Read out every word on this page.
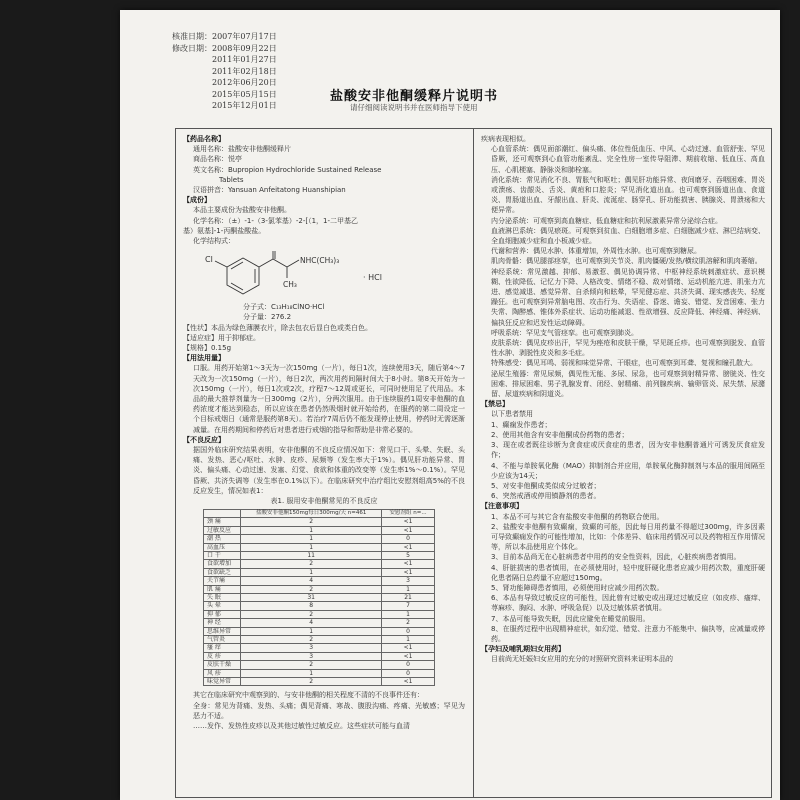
核准日期：2007年07月17日
修改日期：2008年09月22日
2011年01月27日
2011年02月18日
2012年06月20日
2015年05月15日
2015年12月01日
盐酸安非他酮缓释片说明书
请仔细阅读说明书并在医师指导下使用

【药品名称】

通用名称：盐酸安非他酮缓释片

商品名称：悦亭

英文名称：Bupropion Hydrochloride Sustained Release

Tablets

汉语拼音：Yansuan Anfeitatong Huanshipian

【成份】

本品主要成份为盐酸安非他酮。

化学名称：（±）-1-（3-氯苯基）-2-[（1，1-二甲基乙

基）氨基]-1-丙酮盐酸盐。

化学结构式：

Cl	NHC(CH₃)₃
CH₃
· HCl

分子式：C₁₃H₁₈ClNO·HCl

分子量：276.2

【性状】本品为绿色薄膜衣片，除去包衣后显白色或类白色。

【适应症】用于抑郁症。

【规格】0.15g

【用法用量】

口服。用药开始第1～3天为一次150mg（一片），每日1次，连续使用3天，随后第4～7天改为一次150mg（一片），每日2次，两次用药间隔时间大于8小时。第8天开始为一次150mg（一片），每日1次或2次，疗程7～12周或更长，可同时使用足了代用品。本品的最大推荐剂量为一日300mg（2片），分两次服用。由于连续服药1周安非他酮的血药浓度才能达到稳态，所以应该在患者仍然吸烟时就开始给药，在服药的第二周设定一个目标戒烟日（通常是服药第8天）。若治疗7周后仍不能发现停止使用，停药时无需逐渐减量。在用药期间和停药后对患者进行戒烟的指导和帮助是非常必要的。

【不良反应】

据国外临床研究结果表明，安非他酮的不良反应情况如下：常见口干、头晕、失眠、头痛、发热、恶心/呕吐、水肿、皮疹、尿频等（发生率大于1%）。偶见肝功能异常、胃炎、偏头痛、心动过速、发塞、幻觉、食欲和体重的改变等（发生率1%～0.1%）。罕见昏厥、共济失调等（发生率在0.1%以下）。在临床研究中治疗组比安慰剂组高5%的不良反应发生，情况如表1：

表1. 服用安非他酮常见的不良反应

	盐酸安非他酮150mg每日300mg/天 n=461	安慰剂组 n=...
颈 痛	2	<1
过敏反应	1	<1
潮 热	1	0
高血压	1	<1
口 干	11	5
食欲增加	2	<1
食欲缺乏	1	<1
关节痛	4	3
肌 痛	2	1
失 眠	31	21
头 晕	8	7
抑 郁	2	1
神 经	4	2
思维异常	1	0
气管炎	2	1
瘙 痒	3	<1
皮 疹	3	<1
皮肤干燥	2	0
风 疹	1	0
味觉异常	2	<1

其它在临床研究中观察到的、与安非他酮的相关程度不清的不良事件还有：

全身：常见为背痛、发热、头痛；偶见背痛、寒战、腹股沟痛、疼痛、光敏感；罕见为恶力不适。

……发作、发热性皮疹以及其他过敏性过敏反应。这些症状可能与血清

疾病表现相似。

心血管系统：偶见面部潮红、偏头痛、体位性低血压、中风、心动过速、血管舒张、罕见昏厥，还可观察到心血管功能紊乱、完全性房一室传导阻滞、期前收缩、低血压、高血压、心肌梗塞、静脉炎和肺栓塞。

消化系统：常见消化不良、胃胀气和呕吐；偶见肝功能异常、夜间磨牙、吞咽困难、胃炎或溃疡、齿龈炎、舌炎、黄疸和口腔炎；罕见消化道出血。也可观察到肠道出血、食道炎、胃肠道出血、牙龈出血、肝炎、流涎症、肠穿孔、肝功能损害、胰腺炎、胃溃疡和大便异常。

内分泌系统：可观察到高血糖症、低血糖症和抗利尿激素异常分泌综合症。

血液淋巴系统：偶见瘀斑。可观察到贫血、白细胞增多症、白细胞减少症、淋巴结病变、全血细胞减少症和血小板减少症。

代谢和营养：偶见水肿、体重增加，外周性水肿。也可观察到糖尿。

肌肉骨骼：偶见腿部痉挛，也可观察到关节炎、肌肉僵硬/发热/横纹肌溶解和肌肉萎缩。

神经系统：常见激越、抑郁、易激惹、偶见协调异常、中枢神经系统刺激症状、意识模糊、性欲降低、记忆力下降、人格改变、情绪不稳、敌对情绪、运动机能亢进、肌张力亢进、感觉减退、感觉异常、自杀倾向和眩晕，罕见健忘症、共济失调、现实感丧失、轻度躁狂。也可观察到异常脑电图、攻击行为、失语症、昏迷、谵妄、错觉、发音困难、张力失常、陶醉感、锥体外系症状、运动功能减退、性欲增强、反应降低、神经痛、神经病、偏执狂反应和迟发性运动障碍。

呼吸系统：罕见支气管痉挛。也可观察到肺炎。

皮肤系统：偶见皮疹出汗，罕见为痤疮和皮肤干燥，罕见斑丘疹。也可观察到脱发、血管性水肿、剥脱性皮炎和多毛症。

特殊感受：偶见耳鸣、弱视和味觉异常、干眼症，也可观察到耳聋、复视和瞳孔散大。

泌尿生殖器：常见尿频，偶见性无能、多尿、尿急，也可观察到射精异常、膀胱炎、性交困难、排尿困难、男子乳腺发育、闭经、射精痛、前列腺疾病、输卵管炎、尿失禁、尿潴留、尿道疾病和阴道炎。

【禁忌】

以下患者禁用

1、癫痫发作患者；

2、使用其他含有安非他酮成份药物的患者；

3、现在或者既往诊断为贪食症或厌食症的患者，因为安非他酮普通片可诱发厌食症发作；

4、不能与单胺氧化酶（MAO）抑制剂合并应用，单胺氧化酶抑制剂与本品的服用间隔至少应该为14天；

5、对安非他酮成类似成分过敏者；

6、突然戒酒或停用镇静剂的患者。

【注意事项】

1、本品不可与其它含有盐酸安非他酮的药物联合使用。

2、盐酸安非他酮有致癫痫，致癫的可能，因此每日用药量不得超过300mg，许多因素可导致癫痫发作的可能性增加，比如：个体差异、临床用药情况可以及药物相互作用情况等，所以本品使用应个体化。

3、目前本品尚无在心脏病患者中用药的安全性资料，因此，心脏疾病患者慎用。

4、肝脏损害的患者慎用，在必须使用时，轻中度肝硬化患者应减少用药次数，重度肝硬化患者隔日总药量不应超过150mg。

5、肾功能障碍患者慎用，必须使用时应减少用药次数。

6、本品有导致过敏反应的可能性，因此曾有过敏史或出现过过敏反应（如皮疹、瘙痒、荨麻疹、胸闷、水肿、呼吸急促）以及过敏体质者慎用。

7、本品可能导致失眠，因此应避免在睡觉前服用。

8、在服药过程中出现精神症状，如幻觉、错觉、注意力不能集中、偏执等，应减量或停药。

【孕妇及哺乳期妇女用药】

目前尚无妊娠妇女应用的充分的对照研究资料来证明本品的
